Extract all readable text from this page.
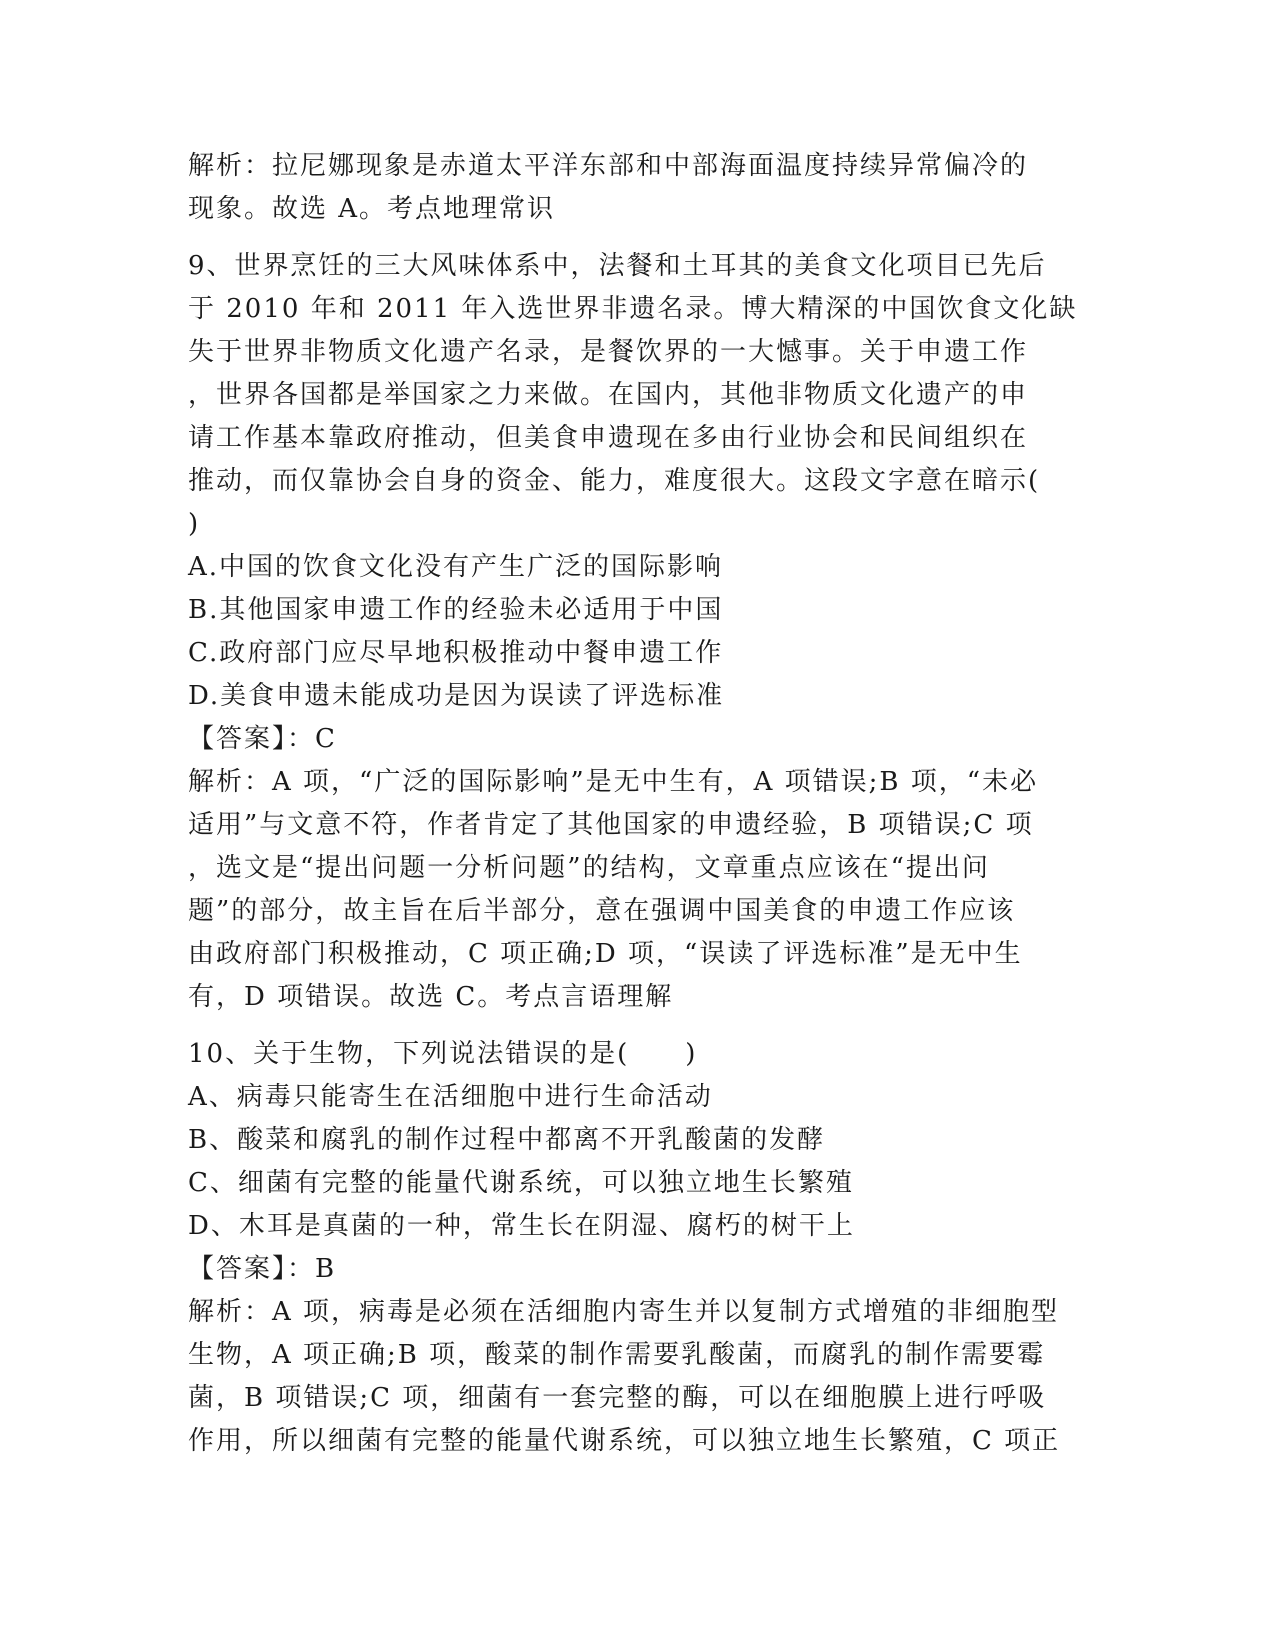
解析：拉尼娜现象是赤道太平洋东部和中部海面温度持续异常偏冷的
现象。故选 A。考点地理常识
9、世界烹饪的三大风味体系中，法餐和土耳其的美食文化项目已先后
于 2010 年和 2011 年入选世界非遗名录。博大精深的中国饮食文化缺
失于世界非物质文化遗产名录，是餐饮界的一大憾事。关于申遗工作
，世界各国都是举国家之力来做。在国内，其他非物质文化遗产的申
请工作基本靠政府推动，但美食申遗现在多由行业协会和民间组织在
推动，而仅靠协会自身的资金、能力，难度很大。这段文字意在暗示(
)
A.中国的饮食文化没有产生广泛的国际影响
B.其他国家申遗工作的经验未必适用于中国
C.政府部门应尽早地积极推动中餐申遗工作
D.美食申遗未能成功是因为误读了评选标准
【答案】：C
解析：A 项，“广泛的国际影响”是无中生有，A 项错误;B 项，“未必
适用”与文意不符，作者肯定了其他国家的申遗经验，B 项错误;C 项
，选文是“提出问题一分析问题”的结构，文章重点应该在“提出问
题”的部分，故主旨在后半部分，意在强调中国美食的申遗工作应该
由政府部门积极推动，C 项正确;D 项，“误读了评选标准”是无中生
有，D 项错误。故选 C。考点言语理解
10、关于生物，下列说法错误的是(　　)
A、病毒只能寄生在活细胞中进行生命活动
B、酸菜和腐乳的制作过程中都离不开乳酸菌的发酵
C、细菌有完整的能量代谢系统，可以独立地生长繁殖
D、木耳是真菌的一种，常生长在阴湿、腐朽的树干上
【答案】：B
解析：A 项，病毒是必须在活细胞内寄生并以复制方式增殖的非细胞型
生物，A 项正确;B 项，酸菜的制作需要乳酸菌，而腐乳的制作需要霉
菌，B 项错误;C 项，细菌有一套完整的酶，可以在细胞膜上进行呼吸
作用，所以细菌有完整的能量代谢系统，可以独立地生长繁殖，C 项正
